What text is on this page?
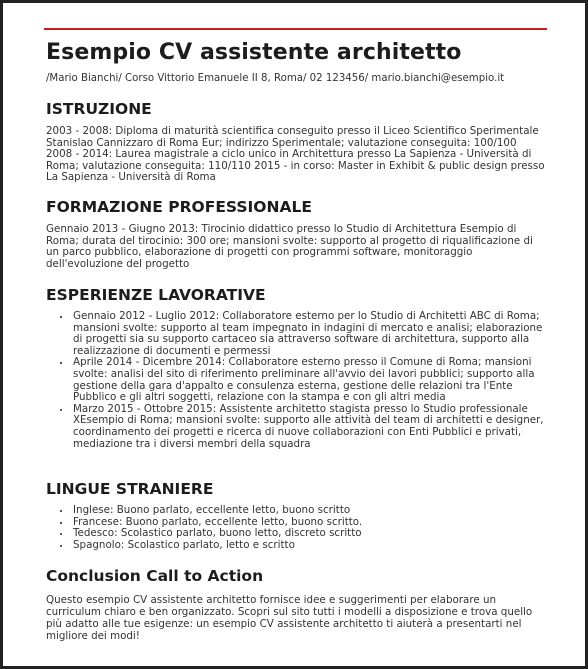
Esempio CV assistente architetto
/Mario Bianchi/ Corso Vittorio Emanuele II 8, Roma/ 02 123456/ mario.bianchi@esempio.it
ISTRUZIONE

2003 - 2008: Diploma di maturità scientifica conseguito presso il Liceo Scientifico Sperimentale Stanislao Cannizzaro di Roma Eur; indirizzo Sperimentale; valutazione conseguita: 100/100

2008 - 2014: Laurea magistrale a ciclo unico in Architettura presso La Sapienza - Università di Roma; valutazione conseguita: 110/110 2015 - in corso: Master in Exhibit & public design presso La Sapienza - Università di Roma

FORMAZIONE PROFESSIONALE

Gennaio 2013 - Giugno 2013: Tirocinio didattico presso lo Studio di Architettura Esempio di Roma; durata del tirocinio: 300 ore; mansioni svolte: supporto al progetto di riqualificazione di un parco pubblico, elaborazione di progetti con programmi software, monitoraggio dell'evoluzione del progetto

ESPERIENZE LAVORATIVE
• Gennaio 2012 - Luglio 2012: Collaboratore esterno per lo Studio di Architetti ABC di Roma; mansioni svolte: supporto al team impegnato in indagini di mercato e analisi; elaborazione di progetti sia su supporto cartaceo sia attraverso software di architettura, supporto alla realizzazione di documenti e permessi
• Aprile 2014 - Dicembre 2014: Collaboratore esterno presso il Comune di Roma; mansioni svolte: analisi del sito di riferimento preliminare all'avvio dei lavori pubblici; supporto alla gestione della gara d'appalto e consulenza esterna, gestione delle relazioni tra l'Ente Pubblico e gli altri soggetti, relazione con la stampa e con gli altri media
• Marzo 2015 - Ottobre 2015: Assistente architetto stagista presso lo Studio professionale XEsempio di Roma; mansioni svolte: supporto alle attività del team di architetti e designer, coordinamento dei progetti e ricerca di nuove collaborazioni con Enti Pubblici e privati, mediazione tra i diversi membri della squadra
LINGUE STRANIERE
• Inglese: Buono parlato, eccellente letto, buono scritto
• Francese: Buono parlato, eccellente letto, buono scritto.
• Tedesco: Scolastico parlato, buono letto, discreto scritto
• Spagnolo: Scolastico parlato, letto e scritto
Conclusion Call to Action
Questo esempio CV assistente architetto fornisce idee e suggerimenti per elaborare un curriculum chiaro e ben organizzato. Scopri sul sito tutti i modelli a disposizione e trova quello più adatto alle tue esigenze: un esempio CV assistente architetto ti aiuterà a presentarti nel migliore dei modi!
